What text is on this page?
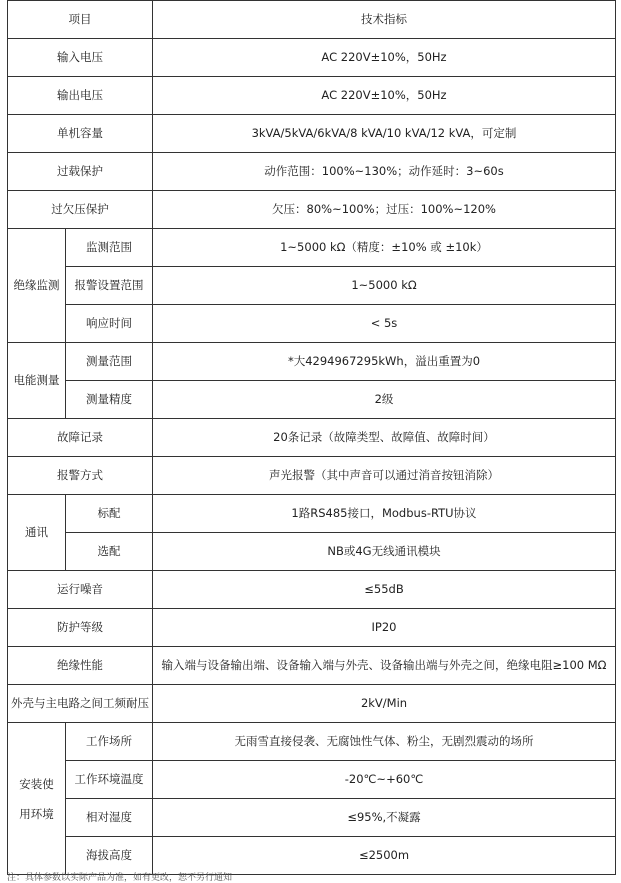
项目		技术指标
输入电压		AC 220V±10%，50Hz
输出电压		AC 220V±10%，50Hz
单机容量		3kVA/5kVA/6kVA/8 kVA/10 kVA/12 kVA，可定制
过载保护		动作范围：100%~130%；动作延时：3~60s
过欠压保护		欠压：80%~100%；过压：100%~120%
绝缘监测	监测范围	1~5000 kΩ（精度：±10% 或 ±10k）
	报警设置范围	1~5000 kΩ
	响应时间	< 5s
电能测量	测量范围	*大4294967295kWh，溢出重置为0
	测量精度	2级
故障记录		20条记录（故障类型、故障值、故障时间）
报警方式		声光报警（其中声音可以通过消音按钮消除）
通讯	标配	1路RS485接口，Modbus-RTU协议
	选配	NB或4G无线通讯模块
运行噪音		≤55dB
防护等级		IP20
绝缘性能		输入端与设备输出端、设备输入端与外壳、设备输出端与外壳之间，绝缘电阻≥100 MΩ
外壳与主电路之间工频耐压		2kV/Min
安装使
用环境	工作场所	无雨雪直接侵袭、无腐蚀性气体、粉尘，无剧烈震动的场所
	工作环境温度	-20℃~+60℃
	相对湿度	≤95%,不凝露
	海拔高度	≤2500m
注：具体参数以实际产品为准，如有更改，恕不另行通知
